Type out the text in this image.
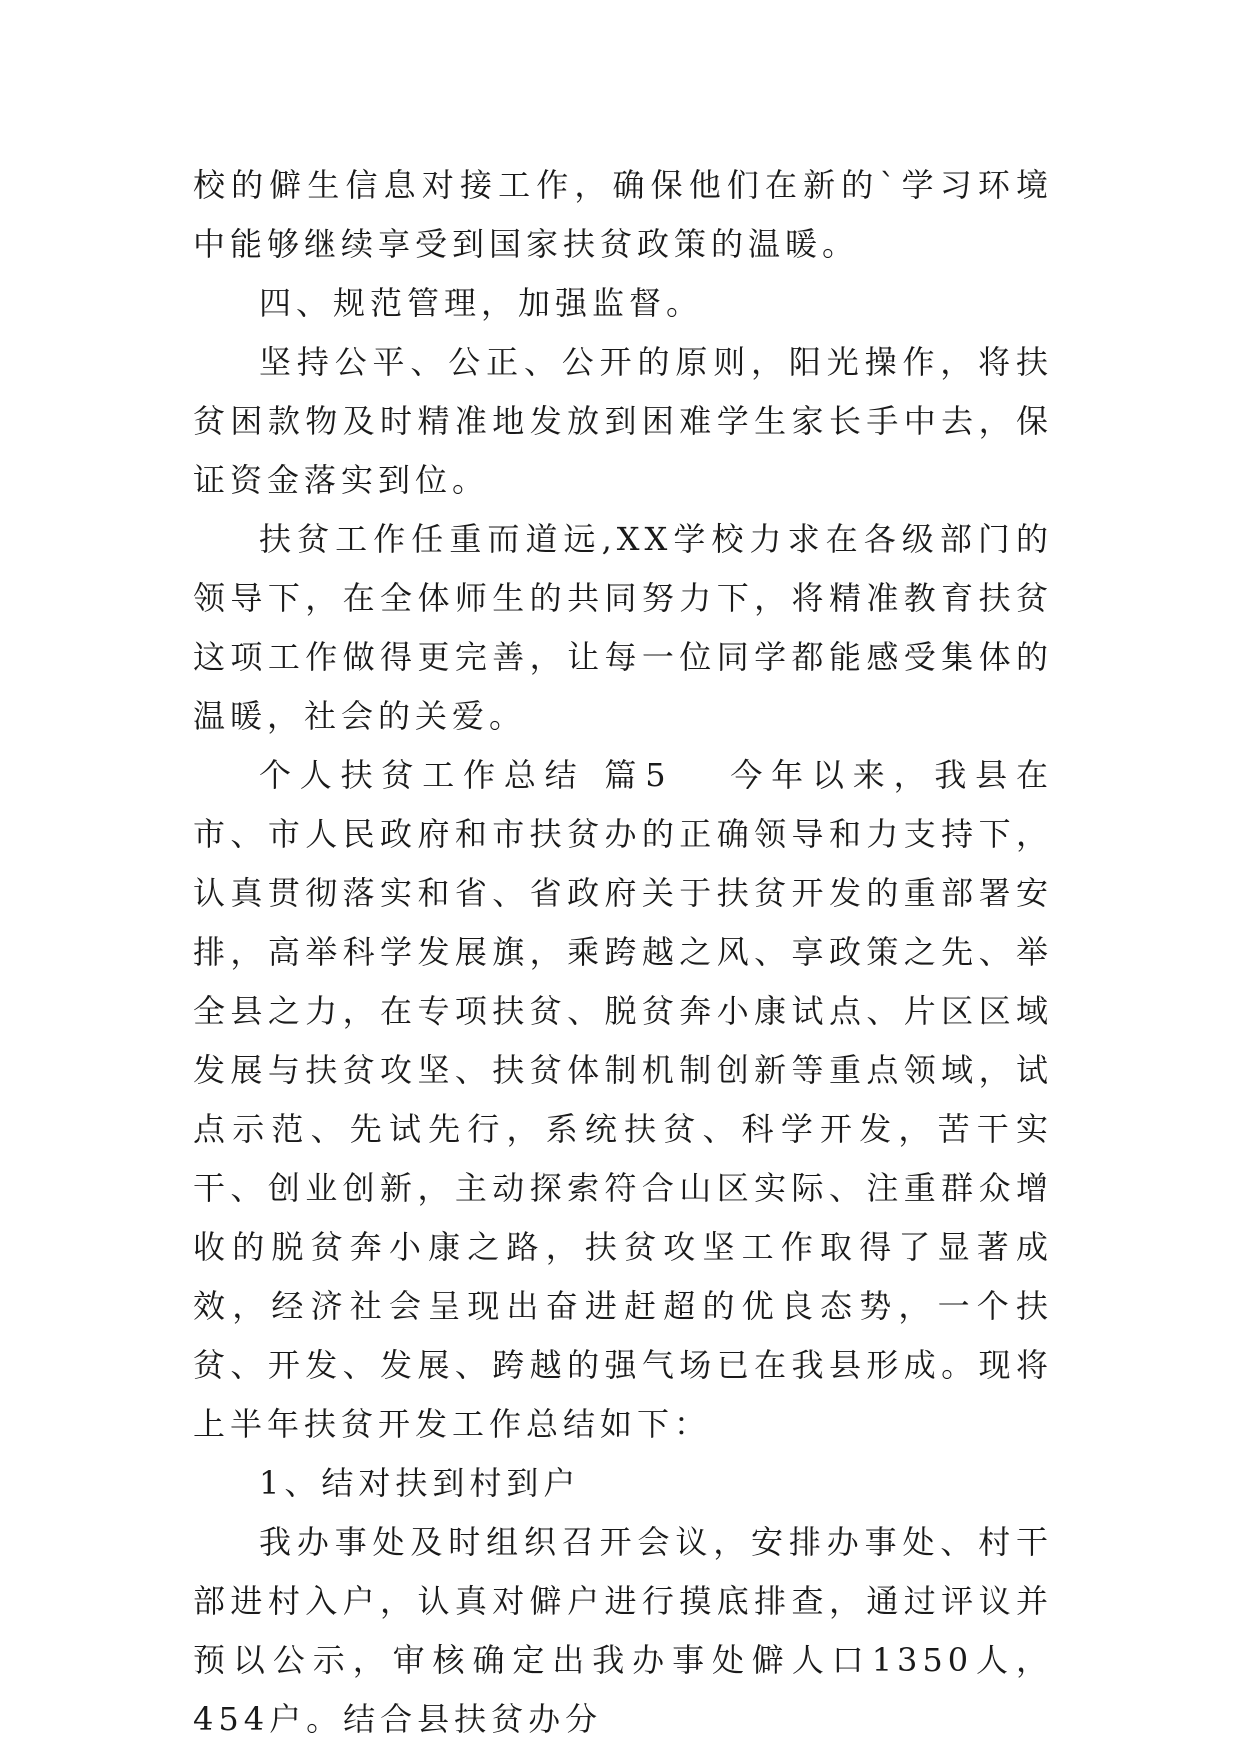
校的僻生信息对接工作，确保他们在新的`学习环境中能够继续享受到国家扶贫政策的温暖。

四、规范管理，加强监督。

坚持公平、公正、公开的原则，阳光操作，将扶贫困款物及时精准地发放到困难学生家长手中去，保证资金落实到位。

扶贫工作任重而道远,XX学校力求在各级部门的领导下，在全体师生的共同努力下，将精准教育扶贫这项工作做得更完善，让每一位同学都能感受集体的温暖，社会的关爱。

个人扶贫工作总结 篇5 今年以来，我县在市、市人民政府和市扶贫办的正确领导和力支持下，认真贯彻落实和省、省政府关于扶贫开发的重部署安排，高举科学发展旗，乘跨越之风、享政策之先、举全县之力，在专项扶贫、脱贫奔小康试点、片区区域发展与扶贫攻坚、扶贫体制机制创新等重点领域，试点示范、先试先行，系统扶贫、科学开发，苦干实干、创业创新，主动探索符合山区实际、注重群众增收的脱贫奔小康之路，扶贫攻坚工作取得了显著成效，经济社会呈现出奋进赶超的优良态势，一个扶贫、开发、发展、跨越的强气场已在我县形成。现将上半年扶贫开发工作总结如下：

1、结对扶到村到户

我办事处及时组织召开会议，安排办事处、村干部进村入户，认真对僻户进行摸底排查，通过评议并预以公示，审核确定出我办事处僻人口1350人，454户。结合县扶贫办分
